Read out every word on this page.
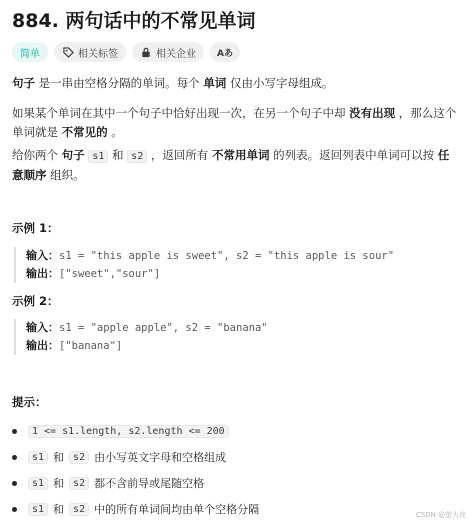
884. 两句话中的不常见单词
简单	相关标签	相关企业 Aあ
句子 是一串由空格分隔的单词。每个 单词 仅由小写字母组成。
如果某个单词在其中一个句子中恰好出现一次，在另一个句子中却 没有出现 ，那么这个单词就是 不常见的 。
给你两个 句子 s1 和 s2 ，返回所有 不常用单词 的列表。返回列表中单词可以按 任意顺序 组织。
示例 1：
输入：s1 = "this apple is sweet", s2 = "this apple is sour"
输出：["sweet","sour"]
示例 2：
输入：s1 = "apple apple", s2 = "banana"
输出：["banana"]
提示：
1 <= s1.length, s2.length <= 200
s1 和 s2 由小写英文字母和空格组成
s1 和 s2 都不含前导或尾随空格
s1 和 s2 中的所有单词间均由单个空格分隔	CSDN @萤火夜
